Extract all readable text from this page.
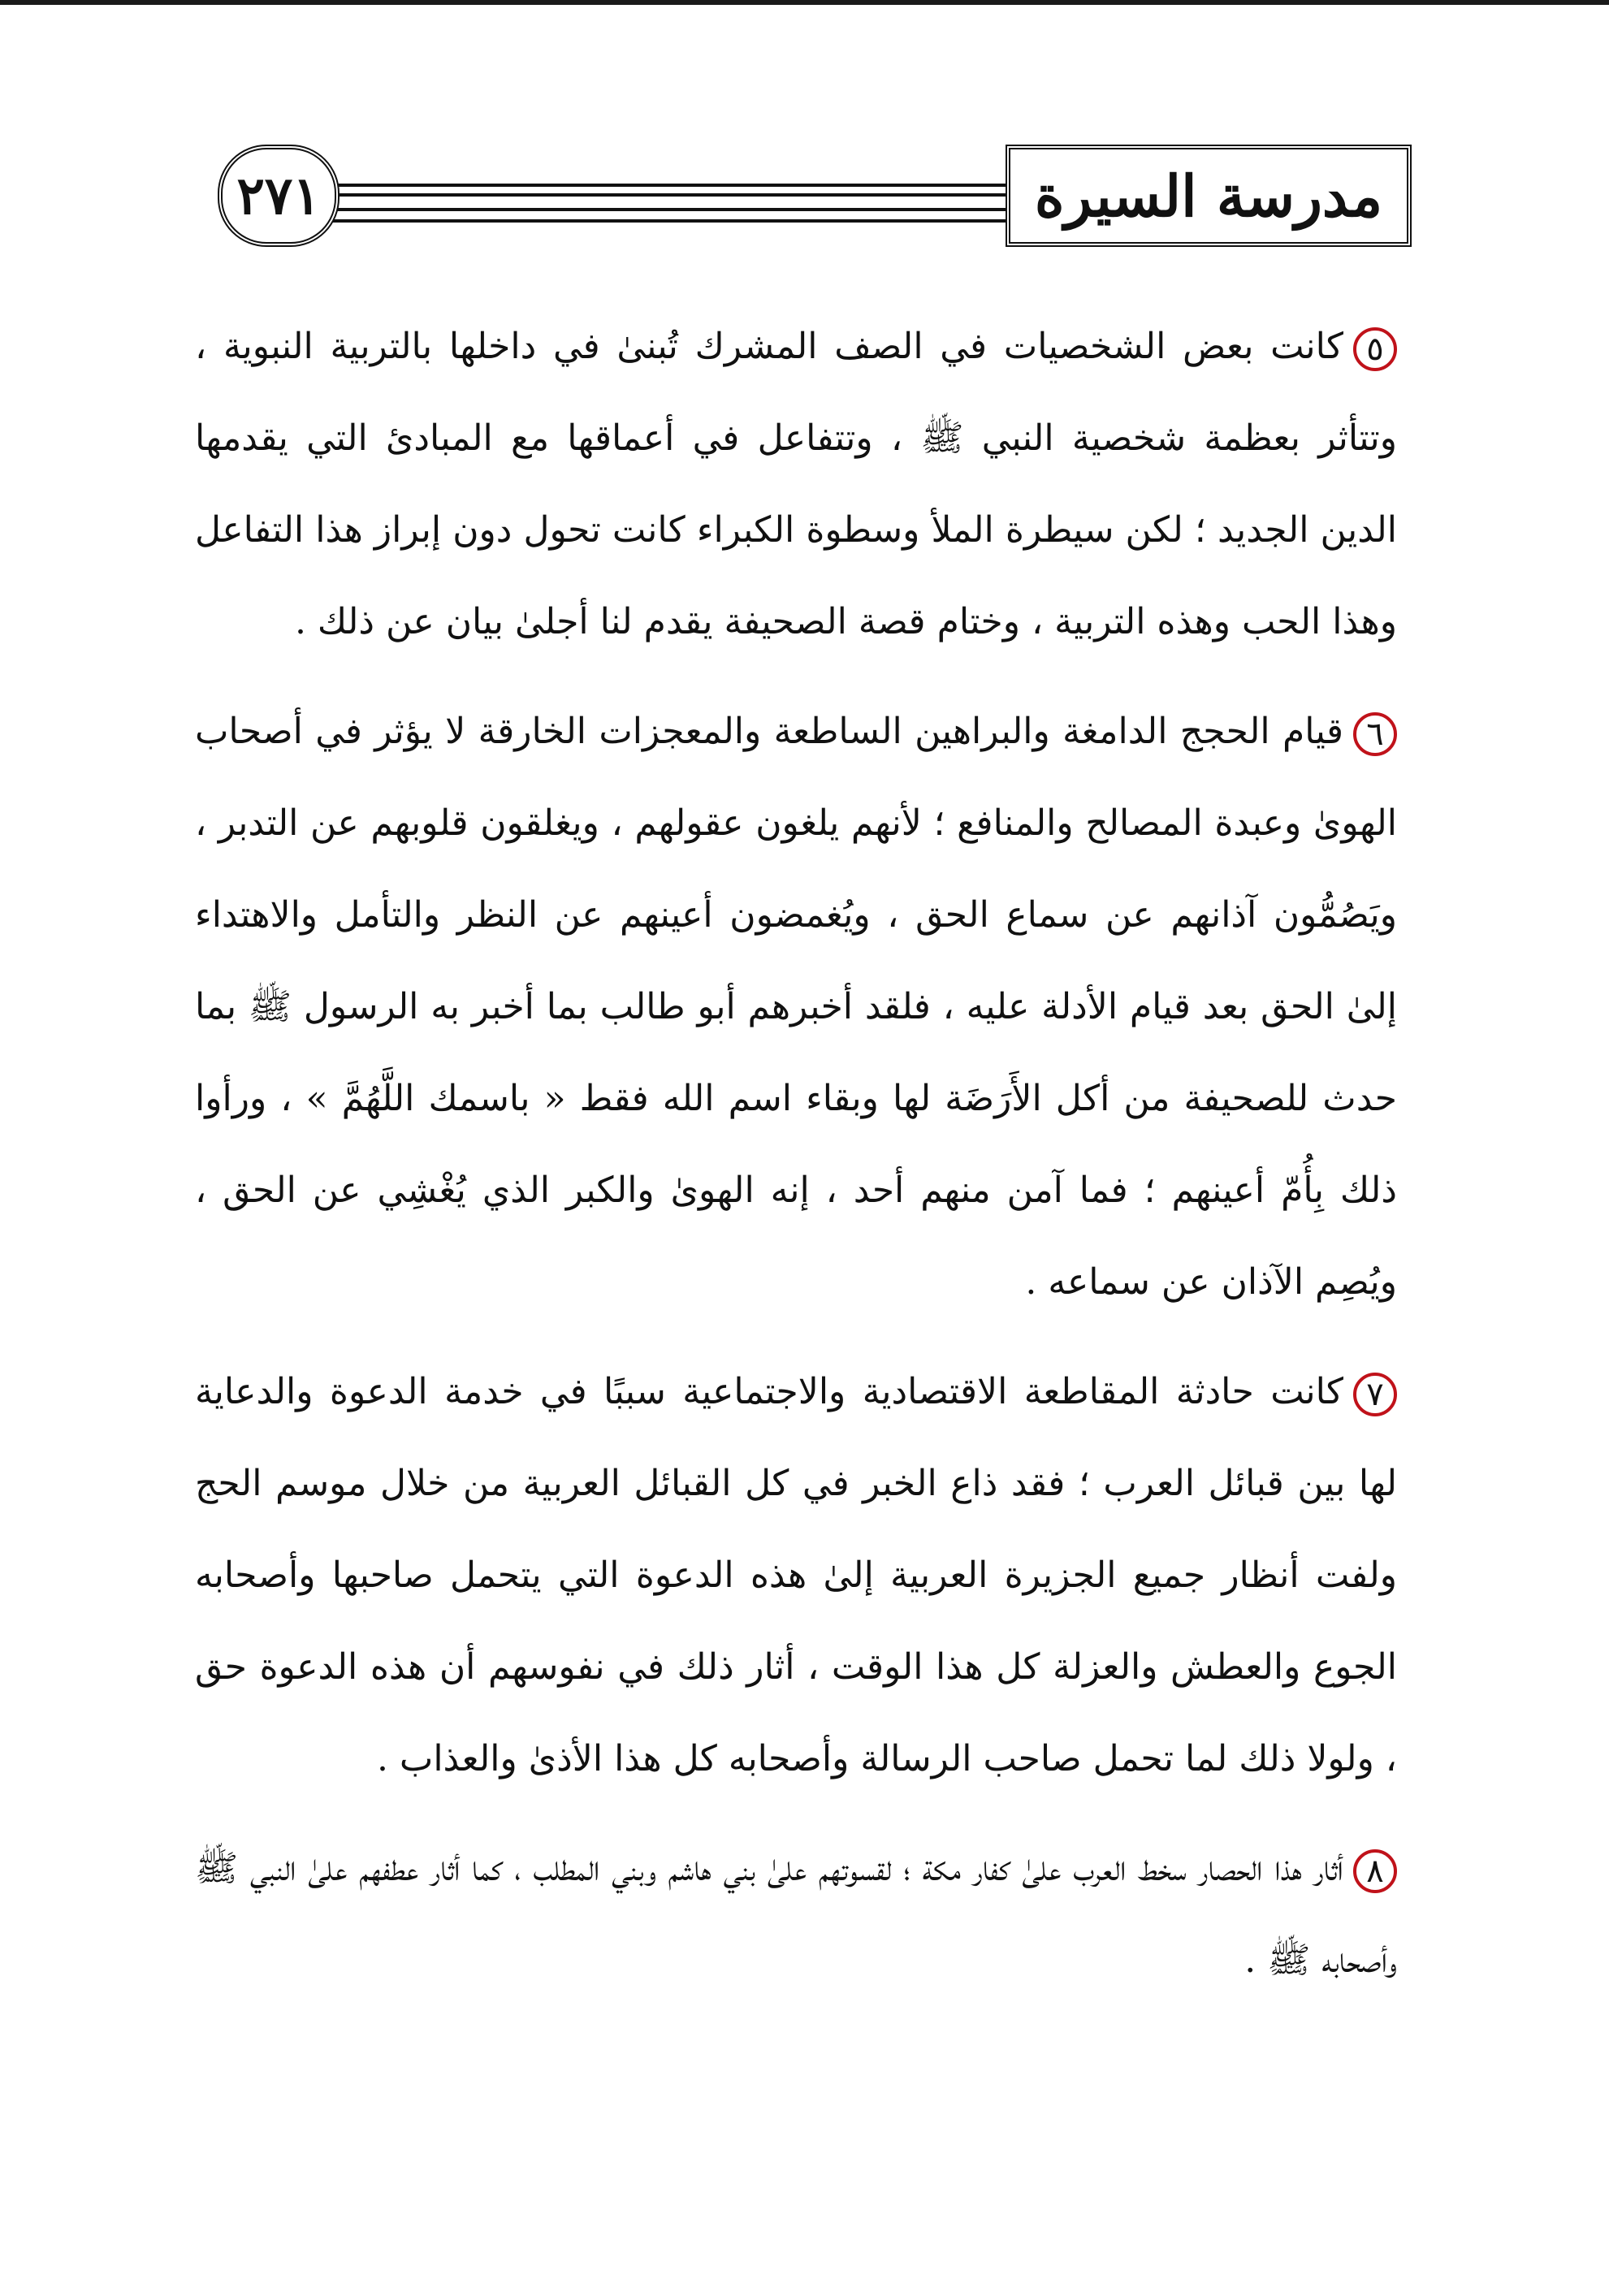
٢٧١	مدرسة السيرة

٥كانت بعض الشخصيات في الصف المشرك تُبنىٰ في داخلها بالتربية النبوية ، وتتأثر بعظمة شخصية النبي ﷺ ، وتتفاعل في أعماقها مع المبادئ التي يقدمها الدين الجديد ؛ لكن سيطرة الملأ وسطوة الكبراء كانت تحول دون إبراز هذا التفاعل وهذا الحب وهذه التربية ، وختام قصة الصحيفة يقدم لنا أجلىٰ بيان عن ذلك .

٦قيام الحجج الدامغة والبراهين الساطعة والمعجزات الخارقة لا يؤثر في أصحاب الهوىٰ وعبدة المصالح والمنافع ؛ لأنهم يلغون عقولهم ، ويغلقون قلوبهم عن التدبر ، ويَصُمُّون آذانهم عن سماع الحق ، ويُغمضون أعينهم عن النظر والتأمل والاهتداء إلىٰ الحق بعد قيام الأدلة عليه ، فلقد أخبرهم أبو طالب بما أخبر به الرسول ﷺ بما حدث للصحيفة من أكل الأَرَضَة لها وبقاء اسم الله فقط « باسمك اللَّهُمَّ » ، ورأوا ذلك بِأُمّ أعينهم ؛ فما آمن منهم أحد ، إنه الهوىٰ والكبر الذي يُغْشِي عن الحق ، ويُصِم الآذان عن سماعه .

٧كانت حادثة المقاطعة الاقتصادية والاجتماعية سببًا في خدمة الدعوة والدعاية لها بين قبائل العرب ؛ فقد ذاع الخبر في كل القبائل العربية من خلال موسم الحج ولفت أنظار جميع الجزيرة العربية إلىٰ هذه الدعوة التي يتحمل صاحبها وأصحابه الجوع والعطش والعزلة كل هذا الوقت ، أثار ذلك في نفوسهم أن هذه الدعوة حق ، ولولا ذلك لما تحمل صاحب الرسالة وأصحابه كل هذا الأذىٰ والعذاب .

٨أثار هذا الحصار سخط العرب علىٰ كفار مكة ؛ لقسوتهم علىٰ بني هاشم وبني المطلب ، كما أثار عطفهم علىٰ النبي ﷺ وأصحابه ﷺ .
